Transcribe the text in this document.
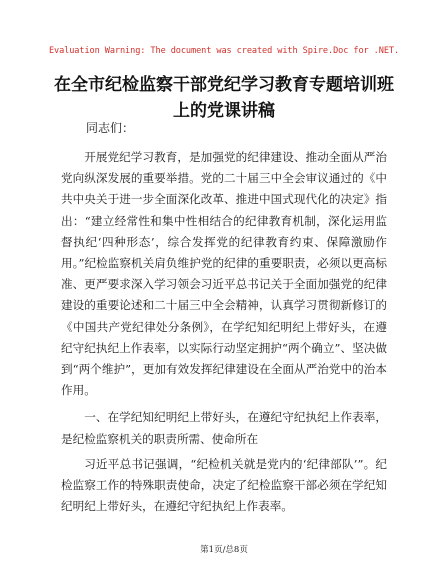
Evaluation Warning: The document was created with Spire.Doc for .NET.
在全市纪检监察干部党纪学习教育专题培训班上的党课讲稿

同志们：

开展党纪学习教育，是加强党的纪律建设、推动全面从严治党向纵深发展的重要举措。党的二十届三中全会审议通过的《中共中央关于进一步全面深化改革、推进中国式现代化的决定》指出：“建立经常性和集中性相结合的纪律教育机制，深化运用监督执纪‘四种形态’，综合发挥党的纪律教育约束、保障激励作用。”纪检监察机关肩负维护党的纪律的重要职责，必须以更高标准、更严要求深入学习领会习近平总书记关于全面加强党的纪律建设的重要论述和二十届三中全会精神，认真学习贯彻新修订的《中国共产党纪律处分条例》，在学纪知纪明纪上带好头，在遵纪守纪执纪上作表率，以实际行动坚定拥护“两个确立”、坚决做到“两个维护”，更加有效发挥纪律建设在全面从严治党中的治本作用。

一、在学纪知纪明纪上带好头，在遵纪守纪执纪上作表率，是纪检监察机关的职责所需、使命所在

习近平总书记强调，“纪检机关就是党内的‘纪律部队’”。纪检监察工作的特殊职责使命，决定了纪检监察干部必须在学纪知纪明纪上带好头，在遵纪守纪执纪上作表率。

第1页/总8页
